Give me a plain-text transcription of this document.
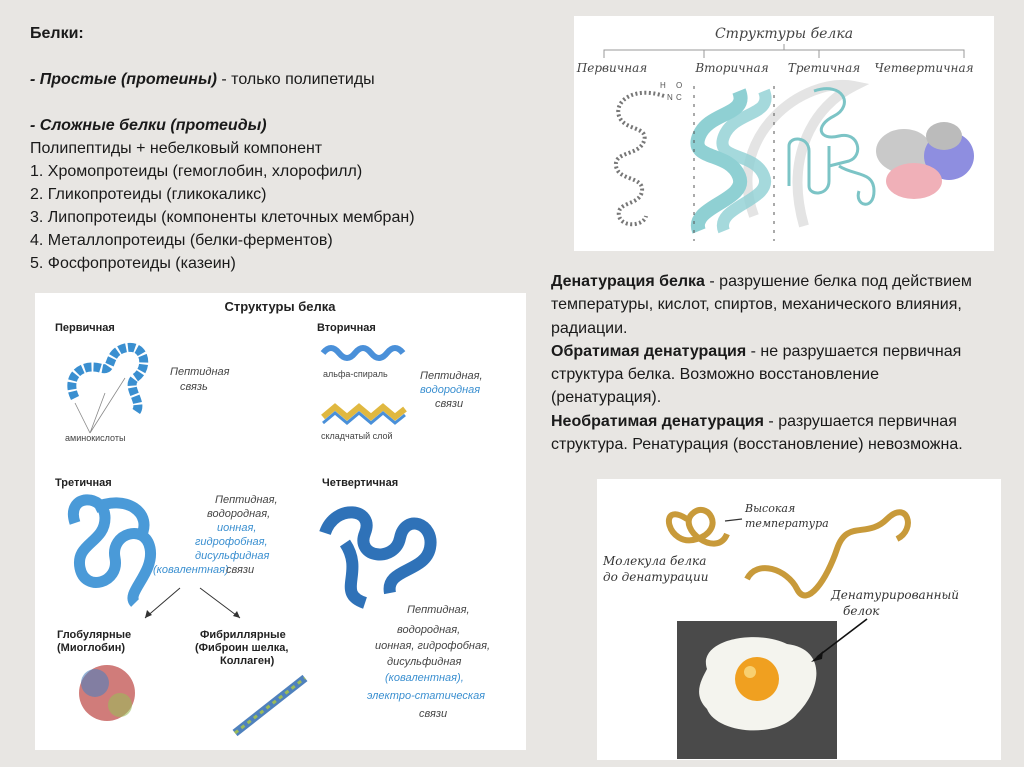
Белки:
- Простые (протеины) - только полипетиды
- Сложные белки (протеиды)
Полипептиды + небелковый компонент
1. Хромопротеиды (гемоглобин, хлорофилл)
2. Гликопротеиды (гликокаликс)
3. Липопротеиды (компоненты клеточных мембран)
4. Металлопротеиды (белки-ферментов)
5. Фосфопротеиды (казеин)

Денатурация белка - разрушение белка под действием температуры, кислот, спиртов, механического влияния, радиации.

Обратимая денатурация - не разрушается первичная структура белка. Возможно восстановление (ренатурация).

Необратимая денатурация - разрушается первичная структура. Ренатурация (восстановление) невозможна.

Структуры белка
Первичная	Вторичная Третичная Четвертичная
H
N C
O
Структуры белка
Первичная
аминокислоты
Пептидная
связь
Вторичная
альфа-спираль
складчатый слой
Пептидная,
водородная
связи
Третичная
Пептидная,
водородная,
ионная,
гидрофобная,
дисульфидная
(ковалентная)
связи
Четвертичная
Пептидная,
водородная,
ионная, гидрофобная,
дисульфидная
(ковалентная),
электро-статическая
связи
Глобулярные
(Миоглобин)
Фибриллярные
(Фиброин шелка,
Коллаген)
Высокая
температура
Молекула белка
до денатурации
Денатурированный
белок
